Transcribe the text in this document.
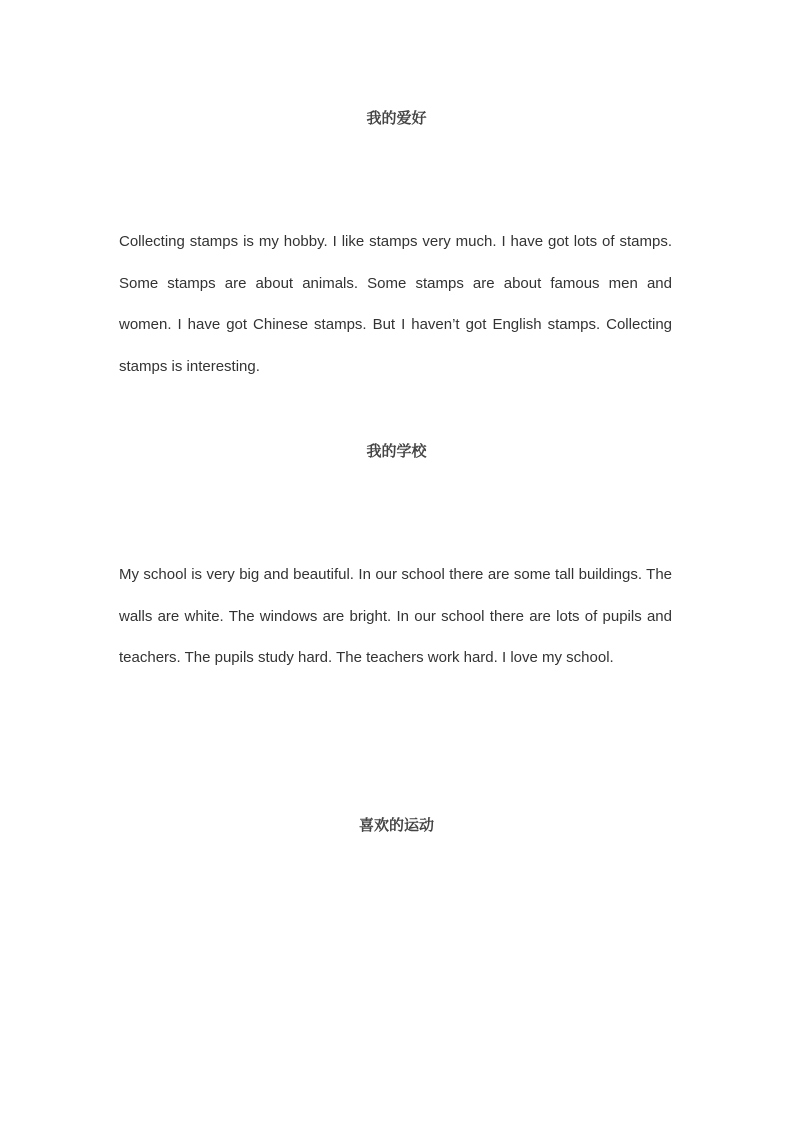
我的爱好

Collecting stamps is my hobby. I like stamps very much. I have got lots of stamps. Some stamps are about animals. Some stamps are about famous men and women. I have got Chinese stamps. But I haven’t got English stamps. Collecting stamps is interesting.

我的学校

My school is very big and beautiful. In our school there are some tall buildings. The walls are white. The windows are bright. In our school there are lots of pupils and teachers. The pupils study hard. The teachers work hard. I love my school.

喜欢的运动
